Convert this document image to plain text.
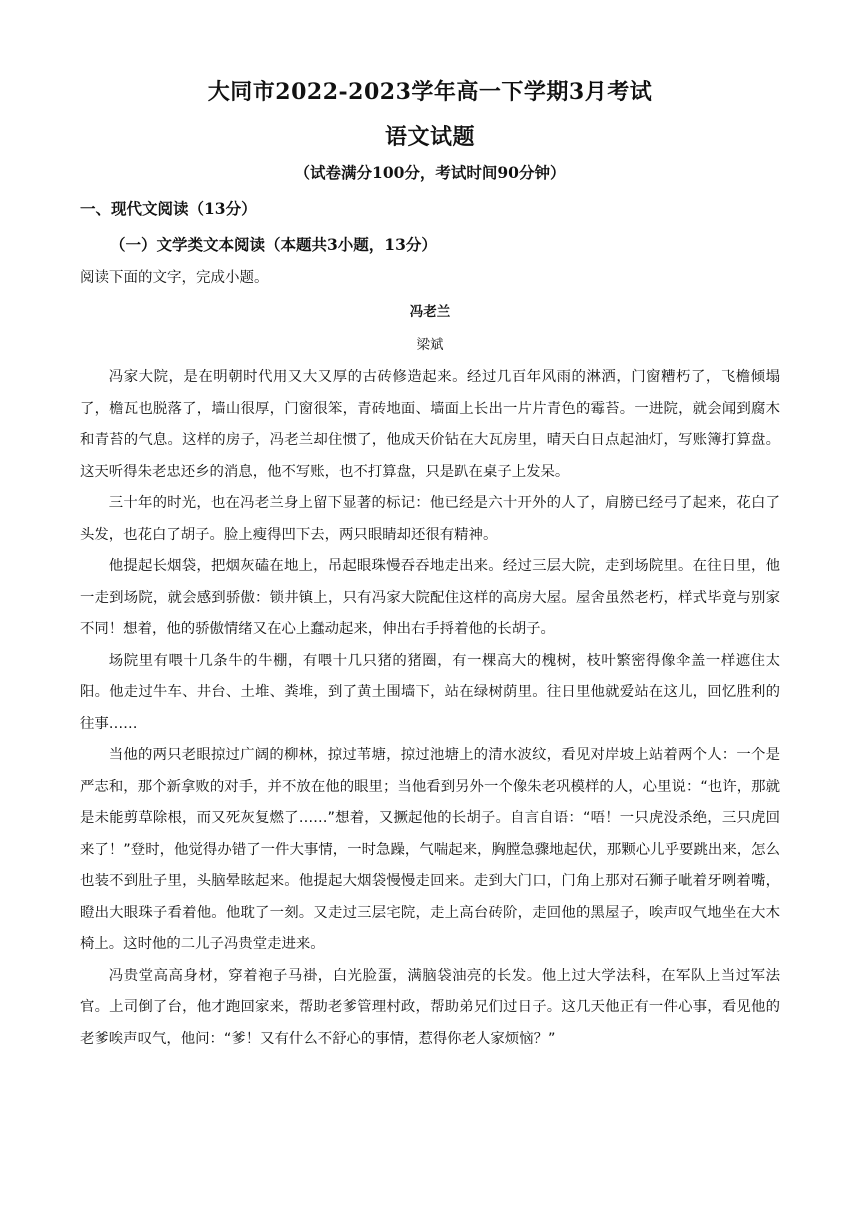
大同市2022-2023学年高一下学期3月考试
语文试题
（试卷满分100分，考试时间90分钟）
一、现代文阅读（13分）
（一）文学类文本阅读（本题共3小题，13分）
阅读下面的文字，完成小题。
冯老兰
梁斌

冯家大院，是在明朝时代用又大又厚的古砖修造起来。经过几百年风雨的淋洒，门窗糟朽了，飞檐倾塌了，檐瓦也脱落了，墙山很厚，门窗很笨，青砖地面、墙面上长出一片片青色的霉苔。一进院，就会闻到腐木和青苔的气息。这样的房子，冯老兰却住惯了，他成天价钻在大瓦房里，晴天白日点起油灯，写账簿打算盘。这天听得朱老忠还乡的消息，他不写账，也不打算盘，只是趴在桌子上发呆。

三十年的时光，也在冯老兰身上留下显著的标记：他已经是六十开外的人了，肩膀已经弓了起来，花白了头发，也花白了胡子。脸上瘦得凹下去，两只眼睛却还很有精神。

他提起长烟袋，把烟灰磕在地上，吊起眼珠慢吞吞地走出来。经过三层大院，走到场院里。在往日里，他一走到场院，就会感到骄傲：锁井镇上，只有冯家大院配住这样的高房大屋。屋舍虽然老朽，样式毕竟与别家不同！想着，他的骄傲情绪又在心上蠢动起来，伸出右手捋着他的长胡子。

场院里有喂十几条牛的牛棚，有喂十几只猪的猪圈，有一棵高大的槐树，枝叶繁密得像伞盖一样遮住太阳。他走过牛车、井台、土堆、粪堆，到了黄土围墙下，站在绿树荫里。往日里他就爱站在这儿，回忆胜利的往事……

当他的两只老眼掠过广阔的柳林，掠过苇塘，掠过池塘上的清水波纹，看见对岸坡上站着两个人：一个是严志和，那个新拿败的对手，并不放在他的眼里；当他看到另外一个像朱老巩模样的人，心里说：“也许，那就是未能剪草除根，而又死灰复燃了……”想着，又撅起他的长胡子。自言自语：“唔！一只虎没杀绝，三只虎回来了！”登时，他觉得办错了一件大事情，一时急躁，气喘起来，胸膛急骤地起伏，那颗心儿乎要跳出来，怎么也装不到肚子里，头脑晕眩起来。他提起大烟袋慢慢走回来。走到大门口，门角上那对石狮子呲着牙咧着嘴，瞪出大眼珠子看着他。他耽了一刻。又走过三层宅院，走上高台砖阶，走回他的黑屋子，唉声叹气地坐在大木椅上。这时他的二儿子冯贵堂走进来。

冯贵堂高高身材，穿着袍子马褂，白光脸蛋，满脑袋油亮的长发。他上过大学法科，在军队上当过军法官。上司倒了台，他才跑回家来，帮助老爹管理村政，帮助弟兄们过日子。这几天他正有一件心事，看见他的老爹唉声叹气，他问：“爹！又有什么不舒心的事情，惹得你老人家烦恼？”
